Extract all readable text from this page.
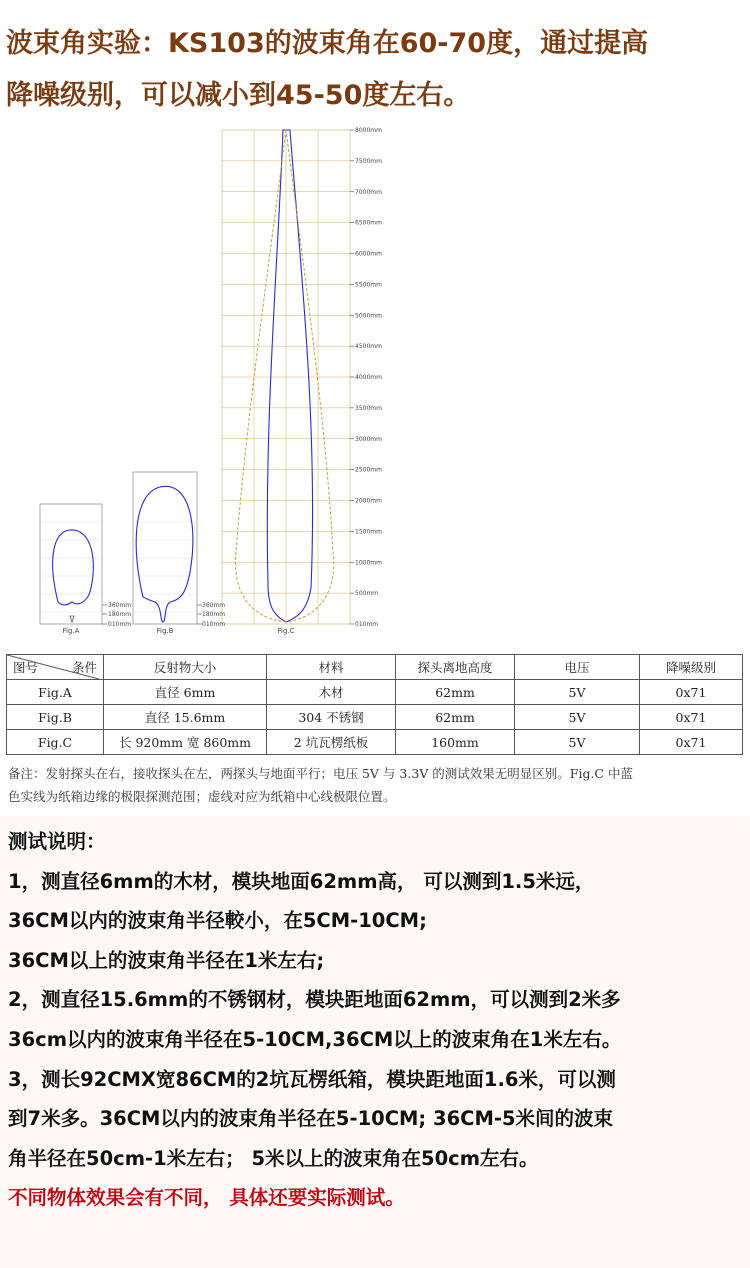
波束角实验：KS103的波束角在60-70度，通过提高
降噪级别，可以减小到45-50度左右。
8000mm
7500mm
7000mm
6500mm
6000mm
5500mm
5000mm
4500mm
4000mm
3500mm
3000mm
2500mm
2000mm
1500mm
1000mm
500mm
010mm
360mm
180mm
010mm
360mm
180mm
010mm
Fig.A	Fig.B	Fig.C
图号 条件	反射物大小	材料	探头离地高度	电压	降噪级别
Fig.A	直径 6mm	木材	62mm	5V	0x71
Fig.B	直径 15.6mm	304 不锈钢	62mm	5V	0x71
Fig.C	长 920mm 宽 860mm	2 坑瓦楞纸板	160mm	5V	0x71
备注：发射探头在右，接收探头在左，两探头与地面平行；电压 5V 与 3.3V 的测试效果无明显区别。Fig.C 中蓝
色实线为纸箱边缘的极限探测范围；虚线对应为纸箱中心线极限位置。
测试说明：
1，测直径6mm的木材，模块地面62mm高， 可以测到1.5米远，
36CM以内的波束角半径較小，在5CM-10CM;
36CM以上的波束角半径在1米左右;
2，测直径15.6mm的不锈钢材，模块距地面62mm，可以测到2米多
36cm以内的波束角半径在5-10CM,36CM以上的波束角在1米左右。
3，测长92CMX宽86CM的2坑瓦楞纸箱，模块距地面1.6米，可以测
到7米多。36CM以内的波束角半径在5-10CM; 36CM-5米间的波束
角半径在50cm-1米左右； 5米以上的波束角在50cm左右。
不同物体效果会有不同， 具体还要实际测试。
